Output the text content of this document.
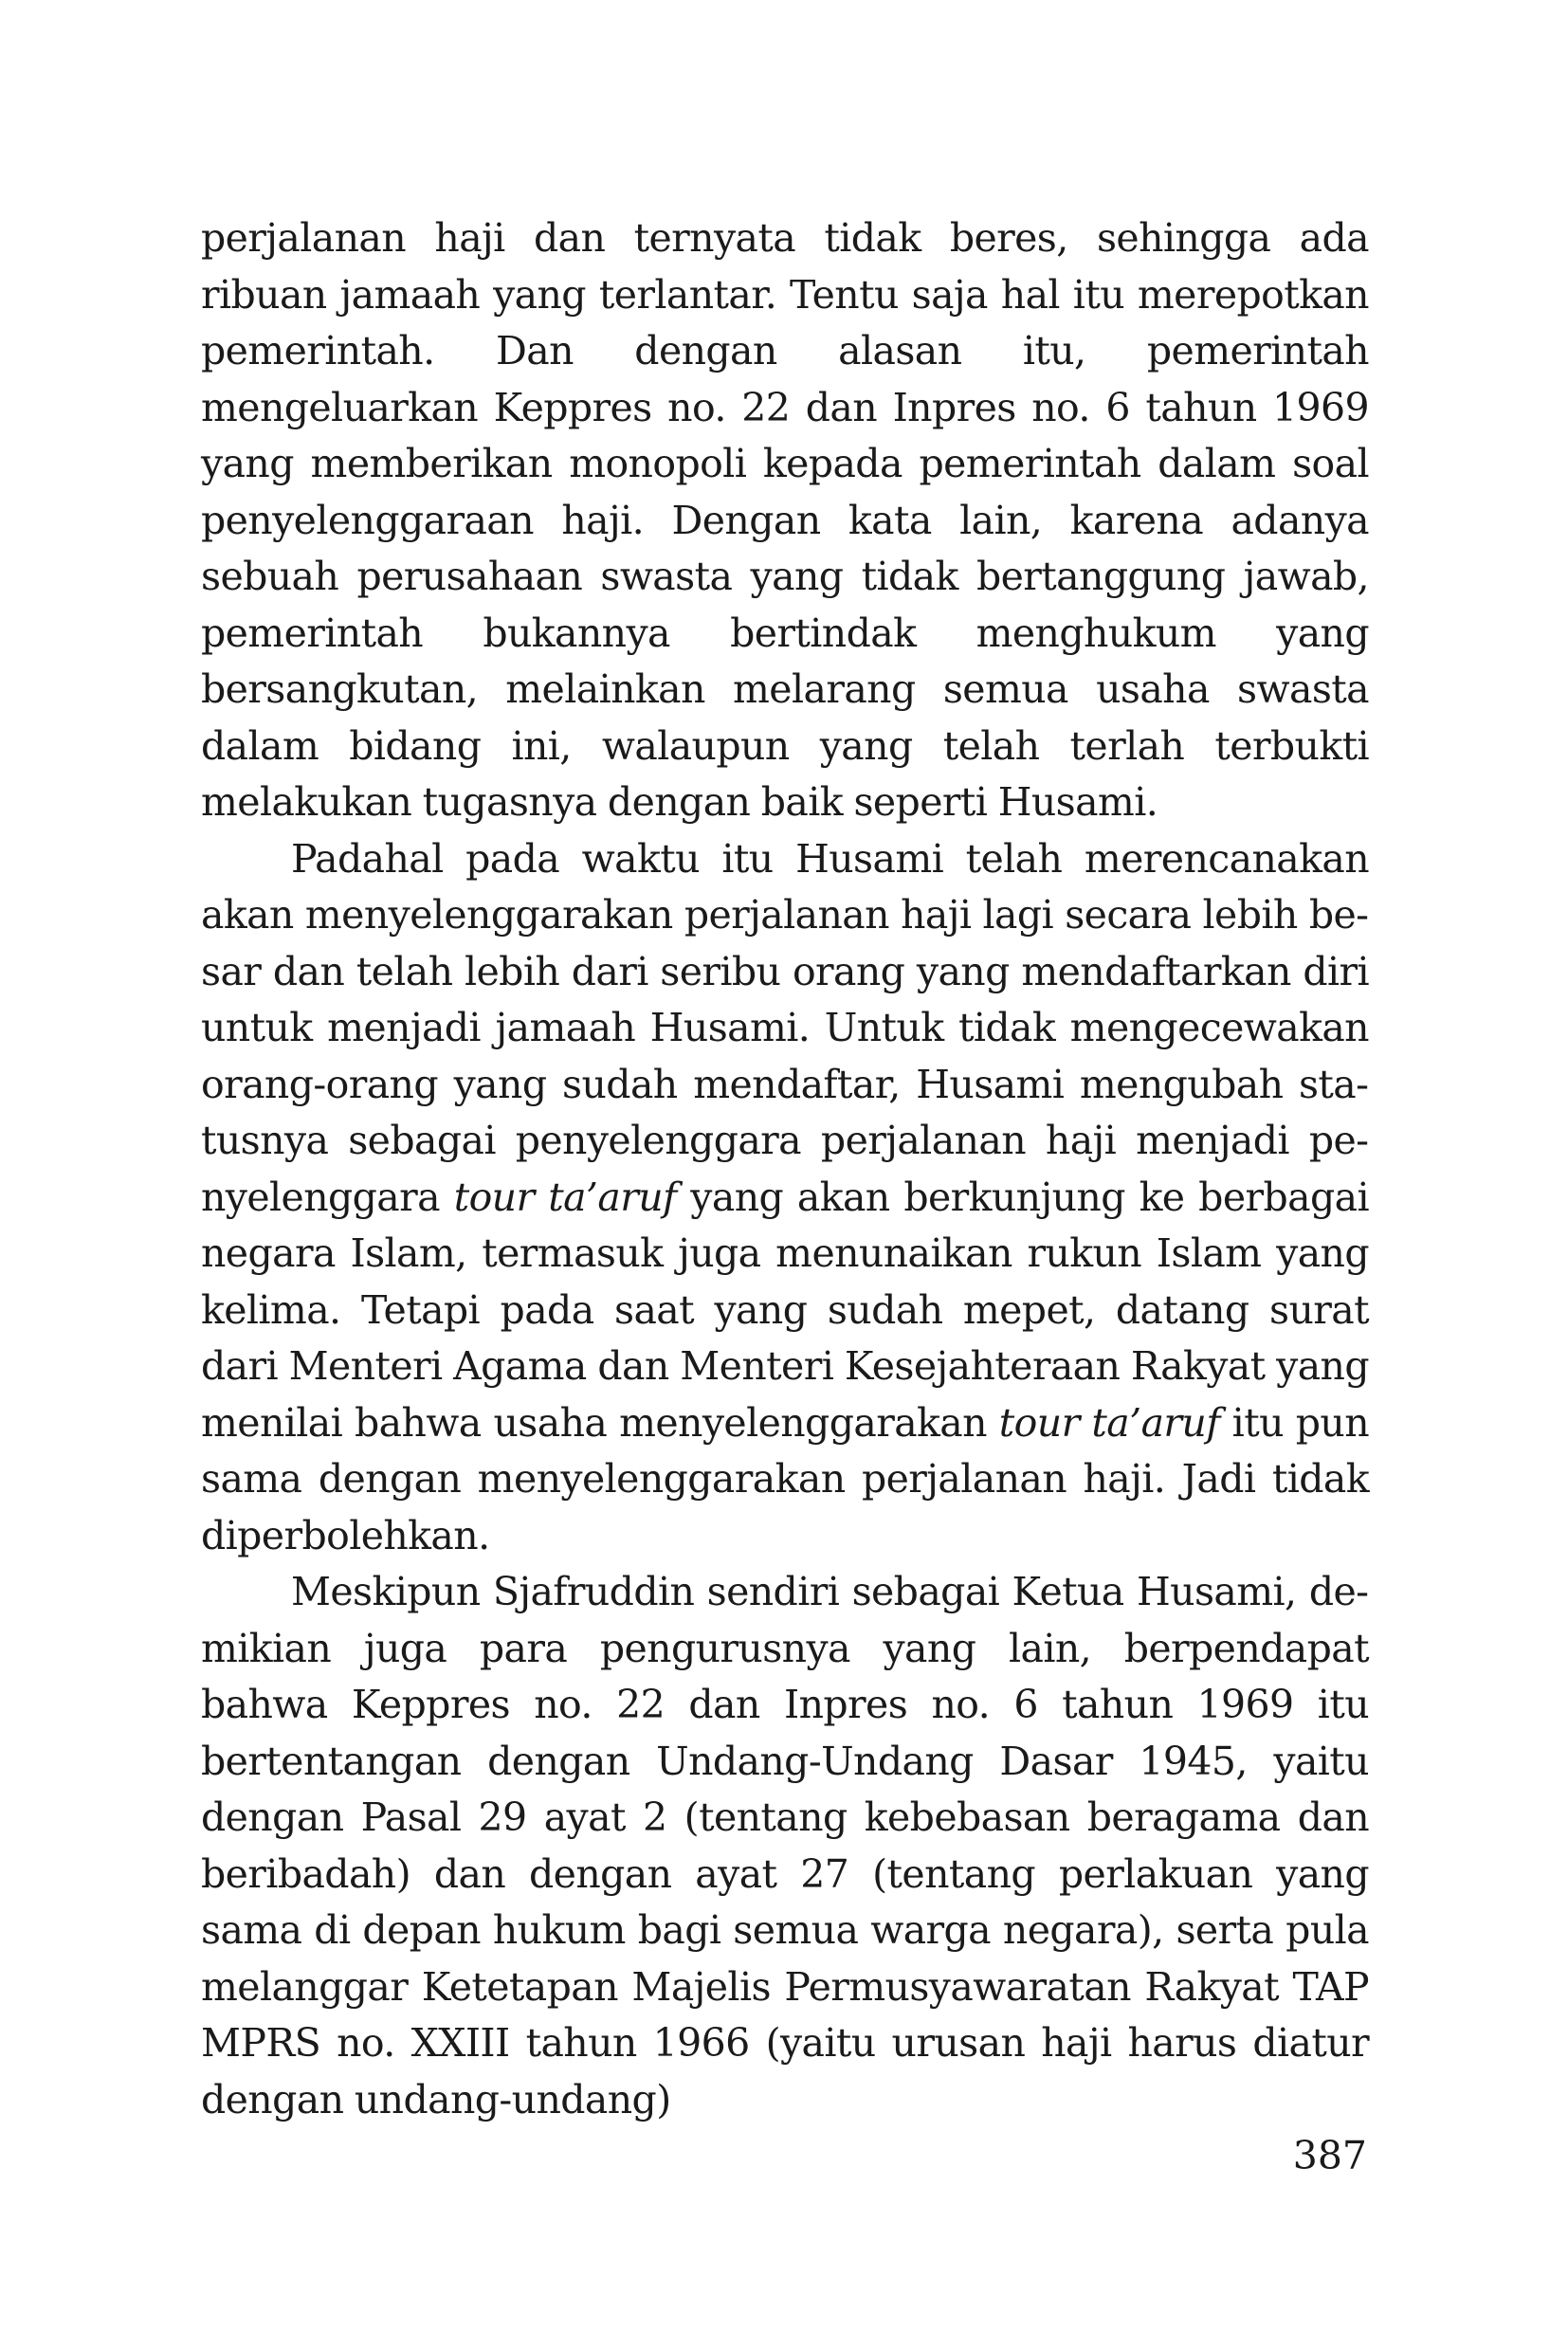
perjalanan haji dan ternyata tidak beres, sehingga ada ribuan jamaah yang terlantar. Tentu saja hal itu merepotkan pemerintah. Dan dengan alasan itu, pemerintah mengeluarkan Keppres no. 22 dan Inpres no. 6 tahun 1969 yang memberikan monopoli kepada pemerintah dalam soal penyelenggaraan haji. Dengan kata lain, karena adanya sebuah perusahaan swasta yang tidak bertanggung jawab, pemerintah bukannya bertindak menghukum yang bersangkutan, melainkan melarang semua usaha swasta dalam bidang ini, walaupun yang telah terlah terbukti melakukan tugasnya dengan baik seperti Husami.

Padahal pada waktu itu Husami telah merencanakan akan menyelenggarakan perjalanan haji lagi secara lebih besar dan telah lebih dari seribu orang yang mendaftarkan diri untuk menjadi jamaah Husami. Untuk tidak mengecewakan orang-orang yang sudah mendaftar, Husami mengubah statusnya sebagai penyelenggara perjalanan haji menjadi penyelenggara tour ta’aruf yang akan berkunjung ke berbagai negara Islam, termasuk juga menunaikan rukun Islam yang kelima. Tetapi pada saat yang sudah mepet, datang surat dari Menteri Agama dan Menteri Kesejahteraan Rakyat yang menilai bahwa usaha menyelenggarakan tour ta’aruf itu pun sama dengan menyelenggarakan perjalanan haji. Jadi tidak diperbolehkan.

Meskipun Sjafruddin sendiri sebagai Ketua Husami, demikian juga para pengurusnya yang lain, berpendapat bahwa Keppres no. 22 dan Inpres no. 6 tahun 1969 itu bertentangan dengan Undang-Undang Dasar 1945, yaitu dengan Pasal 29 ayat 2 (tentang kebebasan beragama dan beribadah) dan dengan ayat 27 (tentang perlakuan yang sama di depan hukum bagi semua warga negara), serta pula melanggar Ketetapan Majelis Permusyawaratan Rakyat TAP MPRS no. XXIII tahun 1966 (yaitu urusan haji harus diatur dengan undang-undang)

387
